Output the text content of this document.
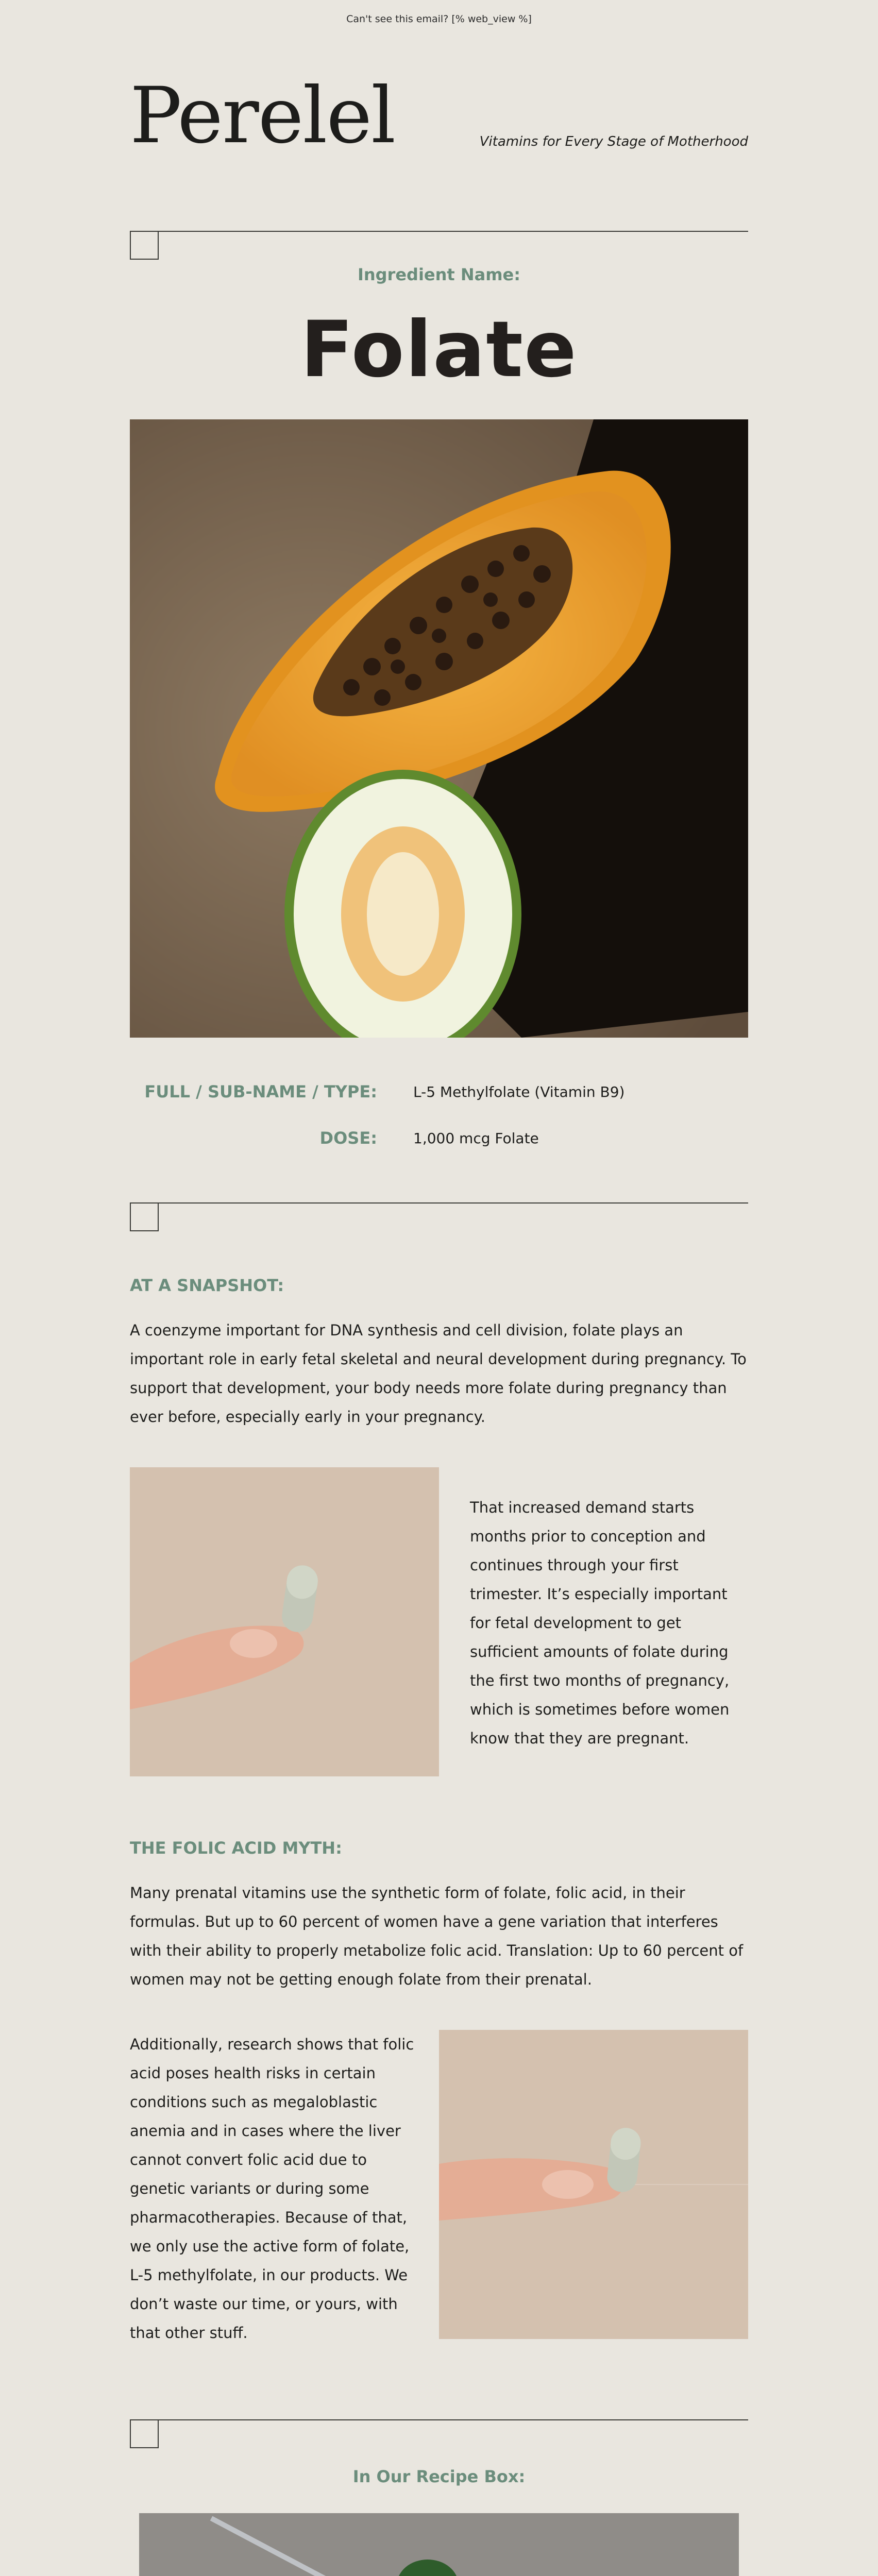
Can't see this email? [% web_view %]
Perelel	Vitamins for Every Stage of Motherhood
Ingredient Name:
Folate
FULL / SUB-NAME / TYPE:	L-5 Methylfolate (Vitamin B9)
DOSE:	1,000 mcg Folate
AT A SNAPSHOT:
A coenzyme important for DNA synthesis and cell division, folate plays an
important role in early fetal skeletal and neural development during pregnancy. To
support that development, your body needs more folate during pregnancy than
ever before, especially early in your pregnancy.
That increased demand starts
months prior to conception and
continues through your first
trimester. It’s especially important
for fetal development to get
sufficient amounts of folate during
the first two months of pregnancy,
which is sometimes before women
know that they are pregnant.
THE FOLIC ACID MYTH:
Many prenatal vitamins use the synthetic form of folate, folic acid, in their
formulas. But up to 60 percent of women have a gene variation that interferes
with their ability to properly metabolize folic acid. Translation: Up to 60 percent of
women may not be getting enough folate from their prenatal.
Additionally, research shows that folic
acid poses health risks in certain
conditions such as megaloblastic
anemia and in cases where the liver
cannot convert folic acid due to
genetic variants or during some
pharmacotherapies. Because of that,
we only use the active form of folate,
L-5 methylfolate, in our products. We
don’t waste our time, or yours, with
that other stuff.
In Our Recipe Box:
